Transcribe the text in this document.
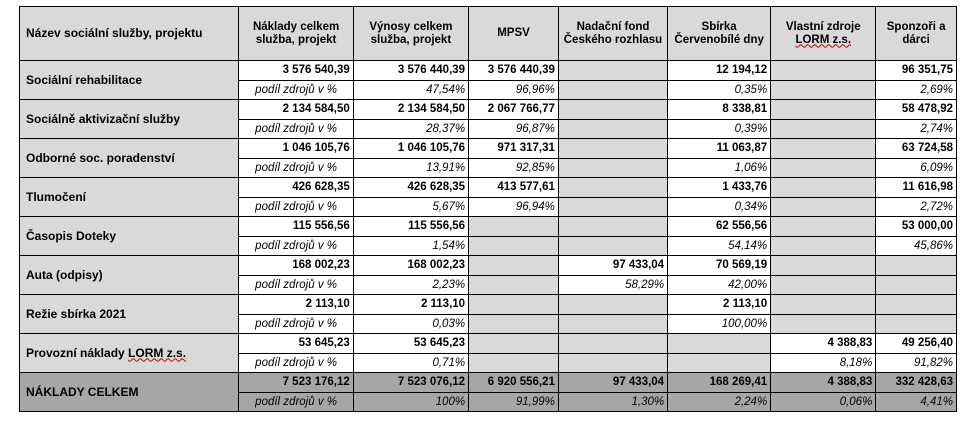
Název sociální služby, projektu	Náklady celkem služba, projekt	Výnosy celkem služba, projekt	MPSV	Nadační fond Českého rozhlasu	Sbírka Červenobílé dny	Vlastní zdroje LORM z.s.	Sponzoři a dárci
Sociální rehabilitace	3 576 540,39	3 576 440,39	3 576 440,39		12 194,12		96 351,75
	podíl zdrojů v %	47,54%	96,96%		0,35%		2,69%
Sociálně aktivizační služby	2 134 584,50	2 134 584,50	2 067 766,77		8 338,81		58 478,92
	podíl zdrojů v %	28,37%	96,87%		0,39%		2,74%
Odborné soc. poradenství	1 046 105,76	1 046 105,76	971 317,31		11 063,87		63 724,58
	podíl zdrojů v %	13,91%	92,85%		1,06%		6,09%
Tlumočení	426 628,35	426 628,35	413 577,61		1 433,76		11 616,98
	podíl zdrojů v %	5,67%	96,94%		0,34%		2,72%
Časopis Doteky	115 556,56	115 556,56			62 556,56		53 000,00
	podíl zdrojů v %	1,54%			54,14%		45,86%
Auta (odpisy)	168 002,23	168 002,23		97 433,04	70 569,19		
	podíl zdrojů v %	2,23%		58,29%	42,00%		
Režie sbírka 2021	2 113,10	2 113,10			2 113,10		
	podíl zdrojů v %	0,03%			100,00%		
Provozní náklady LORM z.s.	53 645,23	53 645,23				4 388,83	49 256,40
	podíl zdrojů v %	0,71%				8,18%	91,82%
NÁKLADY CELKEM	7 523 176,12	7 523 076,12	6 920 556,21	97 433,04	168 269,41	4 388,83	332 428,63
	podíl zdrojů v %	100%	91,99%	1,30%	2,24%	0,06%	4,41%
